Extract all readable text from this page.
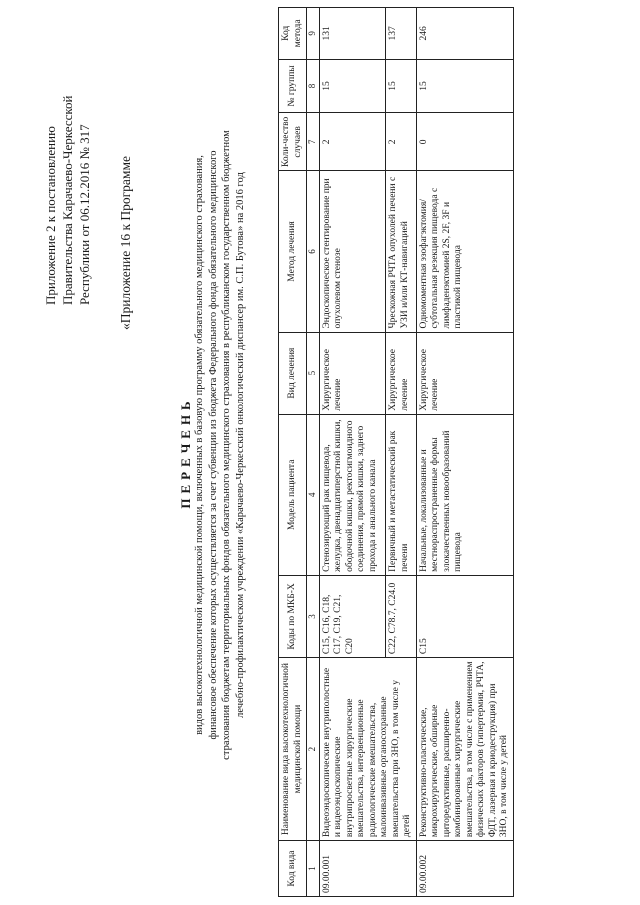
Приложение 2 к постановлению Правительства Карачаево-Черкесской Республики от 06.12.2016 № 317 «Приложение 16 к Программе
ПЕРЕЧЕНЬ видов высокотехнологичной медицинской помощи, включенных в базовую программу обязательного медицинского страхования, финансовое обеспечение которых осуществляется за счет субвенции из бюджета Федерального фонда обязательного медицинского страхования бюджетам территориальных фондов обязательного медицинского страхования в республиканском государственном бюджетном лечебно-профилактическом учреждении «Карачаево-Черкесский онкологический диспансер им. С.П. Бутова» на 2016 год
Код вида	Наименование вида высокотехнологичной медицинской помощи	Коды по МКБ-Х	Модель пациента	Вид лечения	Метод лечения	Коли-чество случаев	№ группы	Код метода
1	2	3	4	5	6	7	8	9
09.00.001	Видеоэндоскопические внутриполостные и видеоэндоскопические внутрипросветные хирургические вмешательства, интервенционные радиологические вмешательства, малоинвазивные органосохранные вмешательства при ЗНО, в том числе у детей	C15, C16, C18, C17, C19, C21, C20	Стенозирующий рак пищевода, желудка, двенадцатиперстной кишки, ободочной кишки, ректосигмоидного соединения, прямой кишки, заднего прохода и анального канала	Хирургическое лечение	Эндоскопическое стентирование при опухолевом стенозе	2	15	131
		C22, C78.7, C24.0	Первичный и метастатический рак печени	Хирургическое лечение	Чрескожная РЧТА опухолей печени с УЗИ и/или КТ-навигацией	2	15	137
09.00.002	Реконструктивно-пластические, микрохирургические, обширные циторедуктивные, расширенно-комбинированные хирургические вмешательства, в том числе с применением физических факторов (гипертермия, РЧТА, ФДТ, лазерная и криодеструкция) при ЗНО, в том числе у детей	C15	Начальные, локализованные и местнораспространенные формы злокачественных новообразований пищевода	Хирургическое лечение	Одномоментная эзофагэктомия/ субтотальная резекция пищевода с лимфаденэктомией 2S, 2F, 3F и пластикой пищевода	0	15	246
